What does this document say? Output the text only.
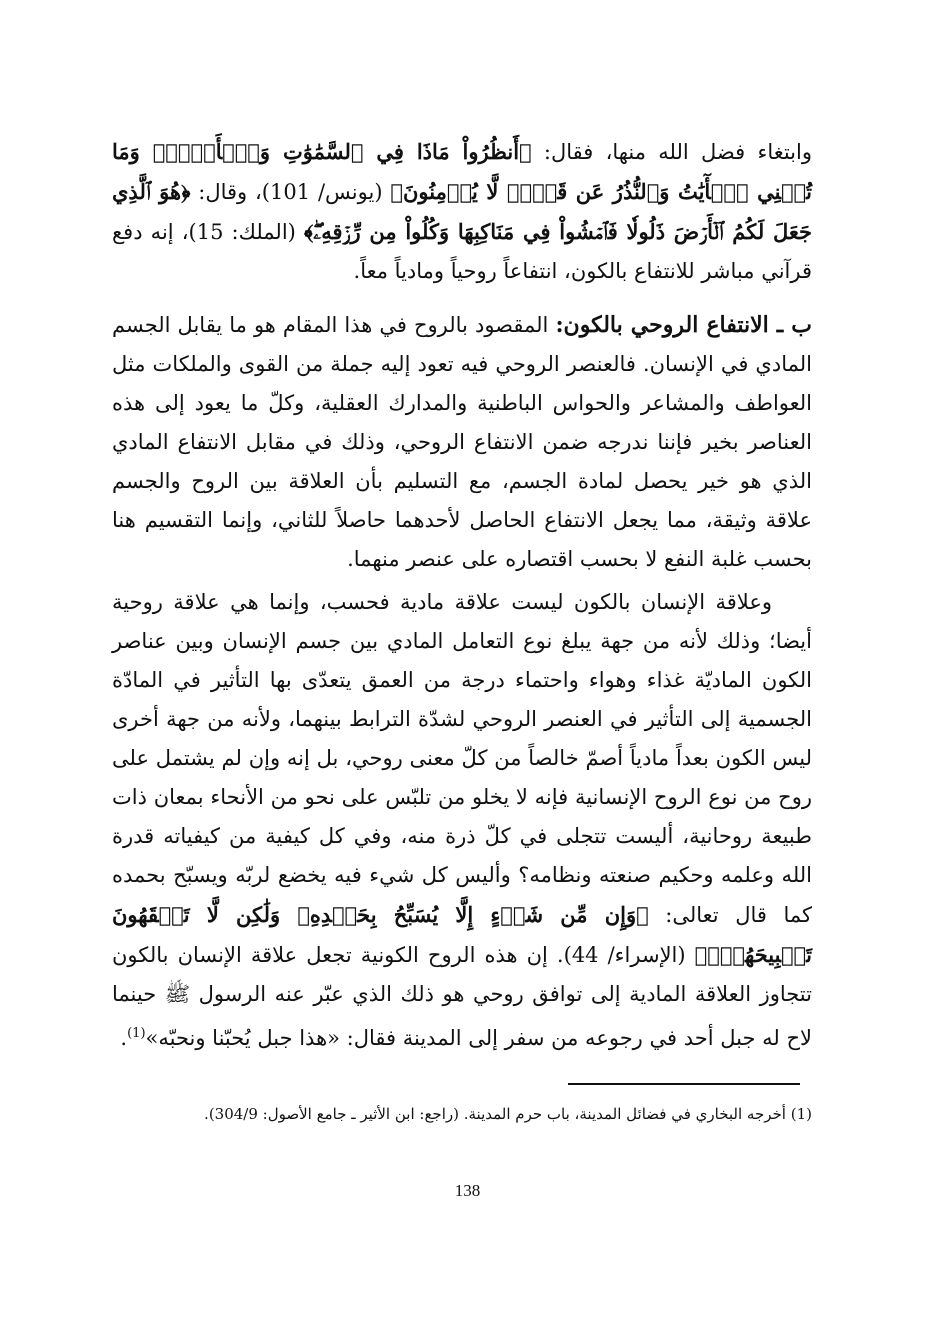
وابتغاء فضل الله منها، فقال: ﴿أَنظُرُواْ مَاذَا فِي ٱلسَّمَٰوَٰتِ وَٱلۡأَرۡضِۚ وَمَا تُغۡنِي ٱلۡأٓيَٰتُ وَٱلنُّذُرُ عَن قَوۡمٖ لَّا يُؤۡمِنُونَ﴾ (يونس/ 101)، وقال: ﴿هُوَ ٱلَّذِي جَعَلَ لَكُمُ ٱلۡأَرۡضَ ذَلُولٗا فَٱمۡشُواْ فِي مَنَاكِبِهَا وَكُلُواْ مِن رِّزۡقِهِۦۖ﴾ (الملك: 15)، إنه دفع قرآني مباشر للانتفاع بالكون، انتفاعاً روحياً ومادياً معاً.

ب ـ الانتفاع الروحي بالكون: المقصود بالروح في هذا المقام هو ما يقابل الجسم المادي في الإنسان. فالعنصر الروحي فيه تعود إليه جملة من القوى والملكات مثل العواطف والمشاعر والحواس الباطنية والمدارك العقلية، وكلّ ما يعود إلى هذه العناصر بخير فإننا ندرجه ضمن الانتفاع الروحي، وذلك في مقابل الانتفاع المادي الذي هو خير يحصل لمادة الجسم، مع التسليم بأن العلاقة بين الروح والجسم علاقة وثيقة، مما يجعل الانتفاع الحاصل لأحدهما حاصلاً للثاني، وإنما التقسيم هنا بحسب غلبة النفع لا بحسب اقتصاره على عنصر منهما.

وعلاقة الإنسان بالكون ليست علاقة مادية فحسب، وإنما هي علاقة روحية أيضا؛ وذلك لأنه من جهة يبلغ نوع التعامل المادي بين جسم الإنسان وبين عناصر الكون الماديّة غذاء وهواء واحتماء درجة من العمق يتعدّى بها التأثير في المادّة الجسمية إلى التأثير في العنصر الروحي لشدّة الترابط بينهما، ولأنه من جهة أخرى ليس الكون بعداً مادياً أصمّ خالصاً من كلّ معنى روحي، بل إنه وإن لم يشتمل على روح من نوع الروح الإنسانية فإنه لا يخلو من تلبّس على نحو من الأنحاء بمعان ذات طبيعة روحانية، أليست تتجلى في كلّ ذرة منه، وفي كل كيفية من كيفياته قدرة الله وعلمه وحكيم صنعته ونظامه؟ وأليس كل شيء فيه يخضع لربّه ويسبّح بحمده كما قال تعالى: ﴿وَإِن مِّن شَيۡءٍ إِلَّا يُسَبِّحُ بِحَمۡدِهِۦ وَلَٰكِن لَّا تَفۡقَهُونَ تَسۡبِيحَهُمۡۚ﴾ (الإسراء/ 44). إن هذه الروح الكونية تجعل علاقة الإنسان بالكون تتجاوز العلاقة المادية إلى توافق روحي هو ذلك الذي عبّر عنه الرسول ﷺ حينما لاح له جبل أحد في رجوعه من سفر إلى المدينة فقال: «هذا جبل يُحبّنا ونحبّه»$^{(1)}$.

(1) أخرجه البخاري في فضائل المدينة، باب حرم المدينة. (راجع: ابن الأثير ـ جامع الأصول: 304/9).

138
